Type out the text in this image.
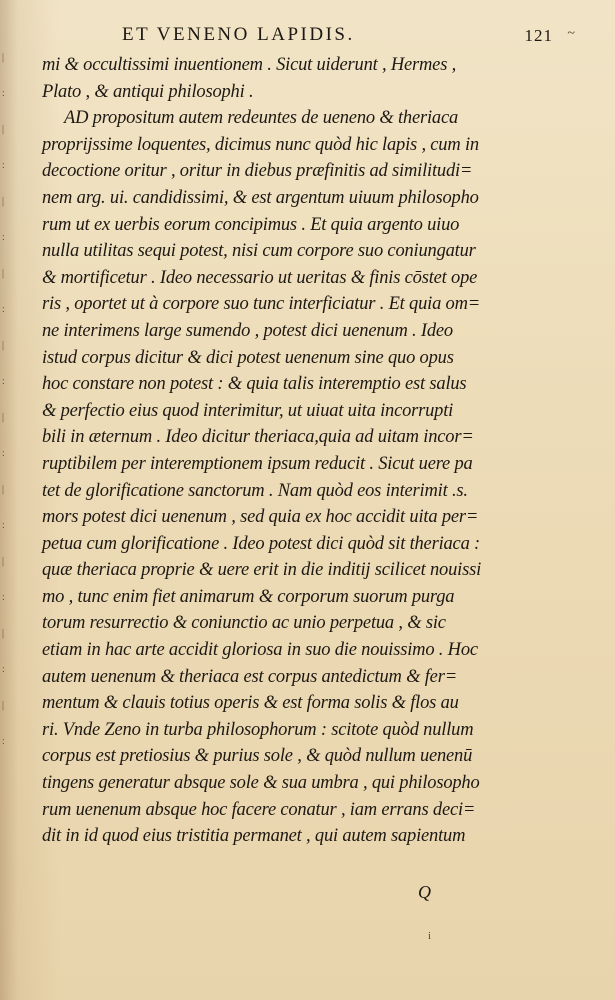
|
:
|
:
|
:
|
:
|
:
|
:
|
:
|
:
|
:
|
:
ET VENENO LAPIDIS.	121 ~
mi & occultissimi inuentionem . Sicut uiderunt , Hermes ,
Plato , & antiqui philosophi .
AD propositum autem redeuntes de ueneno & theriaca
proprijssime loquentes, dicimus nunc quòd hic lapis , cum in
decoctione oritur , oritur in diebus præfinitis ad similitudi=
nem arg. ui. candidissimi, & est argentum uiuum philosopho
rum ut ex uerbis eorum concipimus . Et quia argento uiuo
nulla utilitas sequi potest, nisi cum corpore suo coniungatur
& mortificetur . Ideo necessario ut ueritas & finis cōstet ope
ris , oportet ut à corpore suo tunc interficiatur . Et quia om=
ne interimens large sumendo , potest dici uenenum . Ideo
istud corpus dicitur & dici potest uenenum sine quo opus
hoc constare non potest : & quia talis interemptio est salus
& perfectio eius quod interimitur, ut uiuat uita incorrupti
bili in æternum . Ideo dicitur theriaca,quia ad uitam incor=
ruptibilem per interemptionem ipsum reducit . Sicut uere pa
tet de glorificatione sanctorum . Nam quòd eos interimit .s.
mors potest dici uenenum , sed quia ex hoc accidit uita per=
petua cum glorificatione . Ideo potest dici quòd sit theriaca :
quæ theriaca proprie & uere erit in die inditij scilicet nouissi
mo , tunc enim fiet animarum & corporum suorum purga
torum resurrectio & coniunctio ac unio perpetua , & sic
etiam in hac arte accidit gloriosa in suo die nouissimo . Hoc
autem uenenum & theriaca est corpus antedictum & fer=
mentum & clauis totius operis & est forma solis & flos au
ri. Vnde Zeno in turba philosophorum : scitote quòd nullum
corpus est pretiosius & purius sole , & quòd nullum uenenū
tingens generatur absque sole & sua umbra , qui philosopho
rum uenenum absque hoc facere conatur , iam errans deci=
dit in id quod eius tristitia permanet , qui autem sapientum
Q
i
